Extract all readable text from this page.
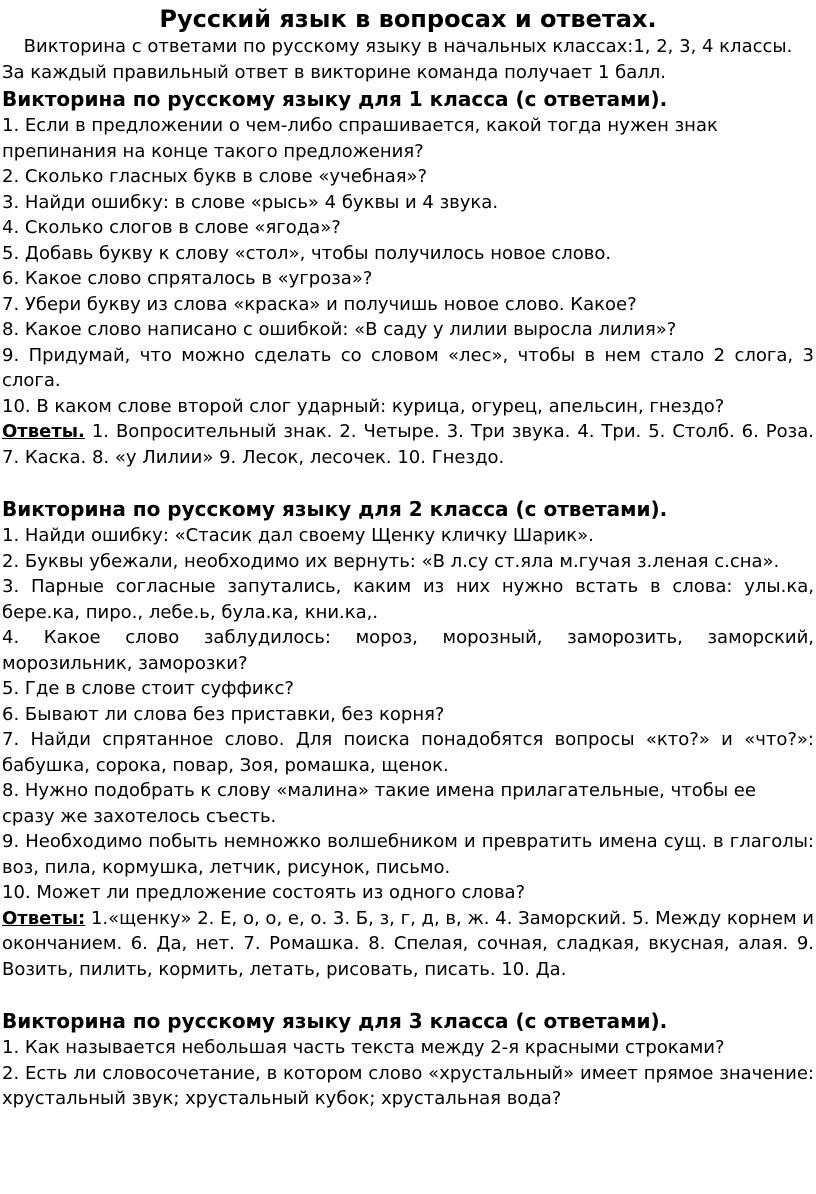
Русский язык в вопросах и ответах.

Викторина с ответами по русскому языку в начальных классах:1, 2, 3, 4 классы.

За каждый правильный ответ в викторине команда получает 1 балл.

Викторина по русскому языку для 1 класса (с ответами).

1. Если в предложении о чем-либо спрашивается, какой тогда нужен знак препинания на конце такого предложения?

2. Сколько гласных букв в слове «учебная»?

3. Найди ошибку: в слове «рысь» 4 буквы и 4 звука.

4. Сколько слогов в слове «ягода»?

5. Добавь букву к слову «стол», чтобы получилось новое слово.

6. Какое слово спряталось в «угроза»?

7. Убери букву из слова «краска» и получишь новое слово. Какое?

8. Какое слово написано с ошибкой: «В саду у лилии выросла лилия»?

9. Придумай, что можно сделать со словом «лес», чтобы в нем стало 2 слога, 3 слога.

10. В каком слове второй слог ударный: курица, огурец, апельсин, гнездо?

Ответы. 1. Вопросительный знак. 2. Четыре. 3. Три звука. 4. Три. 5. Столб. 6. Роза. 7. Каска. 8. «у Лилии» 9. Лесок, лесочек. 10. Гнездо.

Викторина по русскому языку для 2 класса (с ответами).

1. Найди ошибку: «Стасик дал своему Щенку кличку Шарик».

2. Буквы убежали, необходимо их вернуть: «В л.су ст.яла м.гучая з.леная с.сна».

3. Парные согласные запутались, каким из них нужно встать в слова: улы.ка, бере.ка, пиро., лебе.ь, була.ка, кни.ка,.

4. Какое слово заблудилось: мороз, морозный, заморозить, заморский, морозильник, заморозки?

5. Где в слове стоит суффикс?

6. Бывают ли слова без приставки, без корня?

7. Найди спрятанное слово. Для поиска понадобятся вопросы «кто?» и «что?»: бабушка, сорока, повар, Зоя, ромашка, щенок.

8. Нужно подобрать к слову «малина» такие имена прилагательные, чтобы ее сразу же захотелось съесть.

9. Необходимо побыть немножко волшебником и превратить имена сущ. в глаголы: воз, пила, кормушка, летчик, рисунок, письмо.

10. Может ли предложение состоять из одного слова?

Ответы: 1.«щенку» 2. Е, о, о, е, о. 3. Б, з, г, д, в, ж. 4. Заморский. 5. Между корнем и окончанием. 6. Да, нет. 7. Ромашка. 8. Спелая, сочная, сладкая, вкусная, алая. 9. Возить, пилить, кормить, летать, рисовать, писать. 10. Да.

Викторина по русскому языку для 3 класса (с ответами).

1. Как называется небольшая часть текста между 2-я красными строками?

2. Есть ли словосочетание, в котором слово «хрустальный» имеет прямое значение: хрустальный звук; хрустальный кубок; хрустальная вода?
